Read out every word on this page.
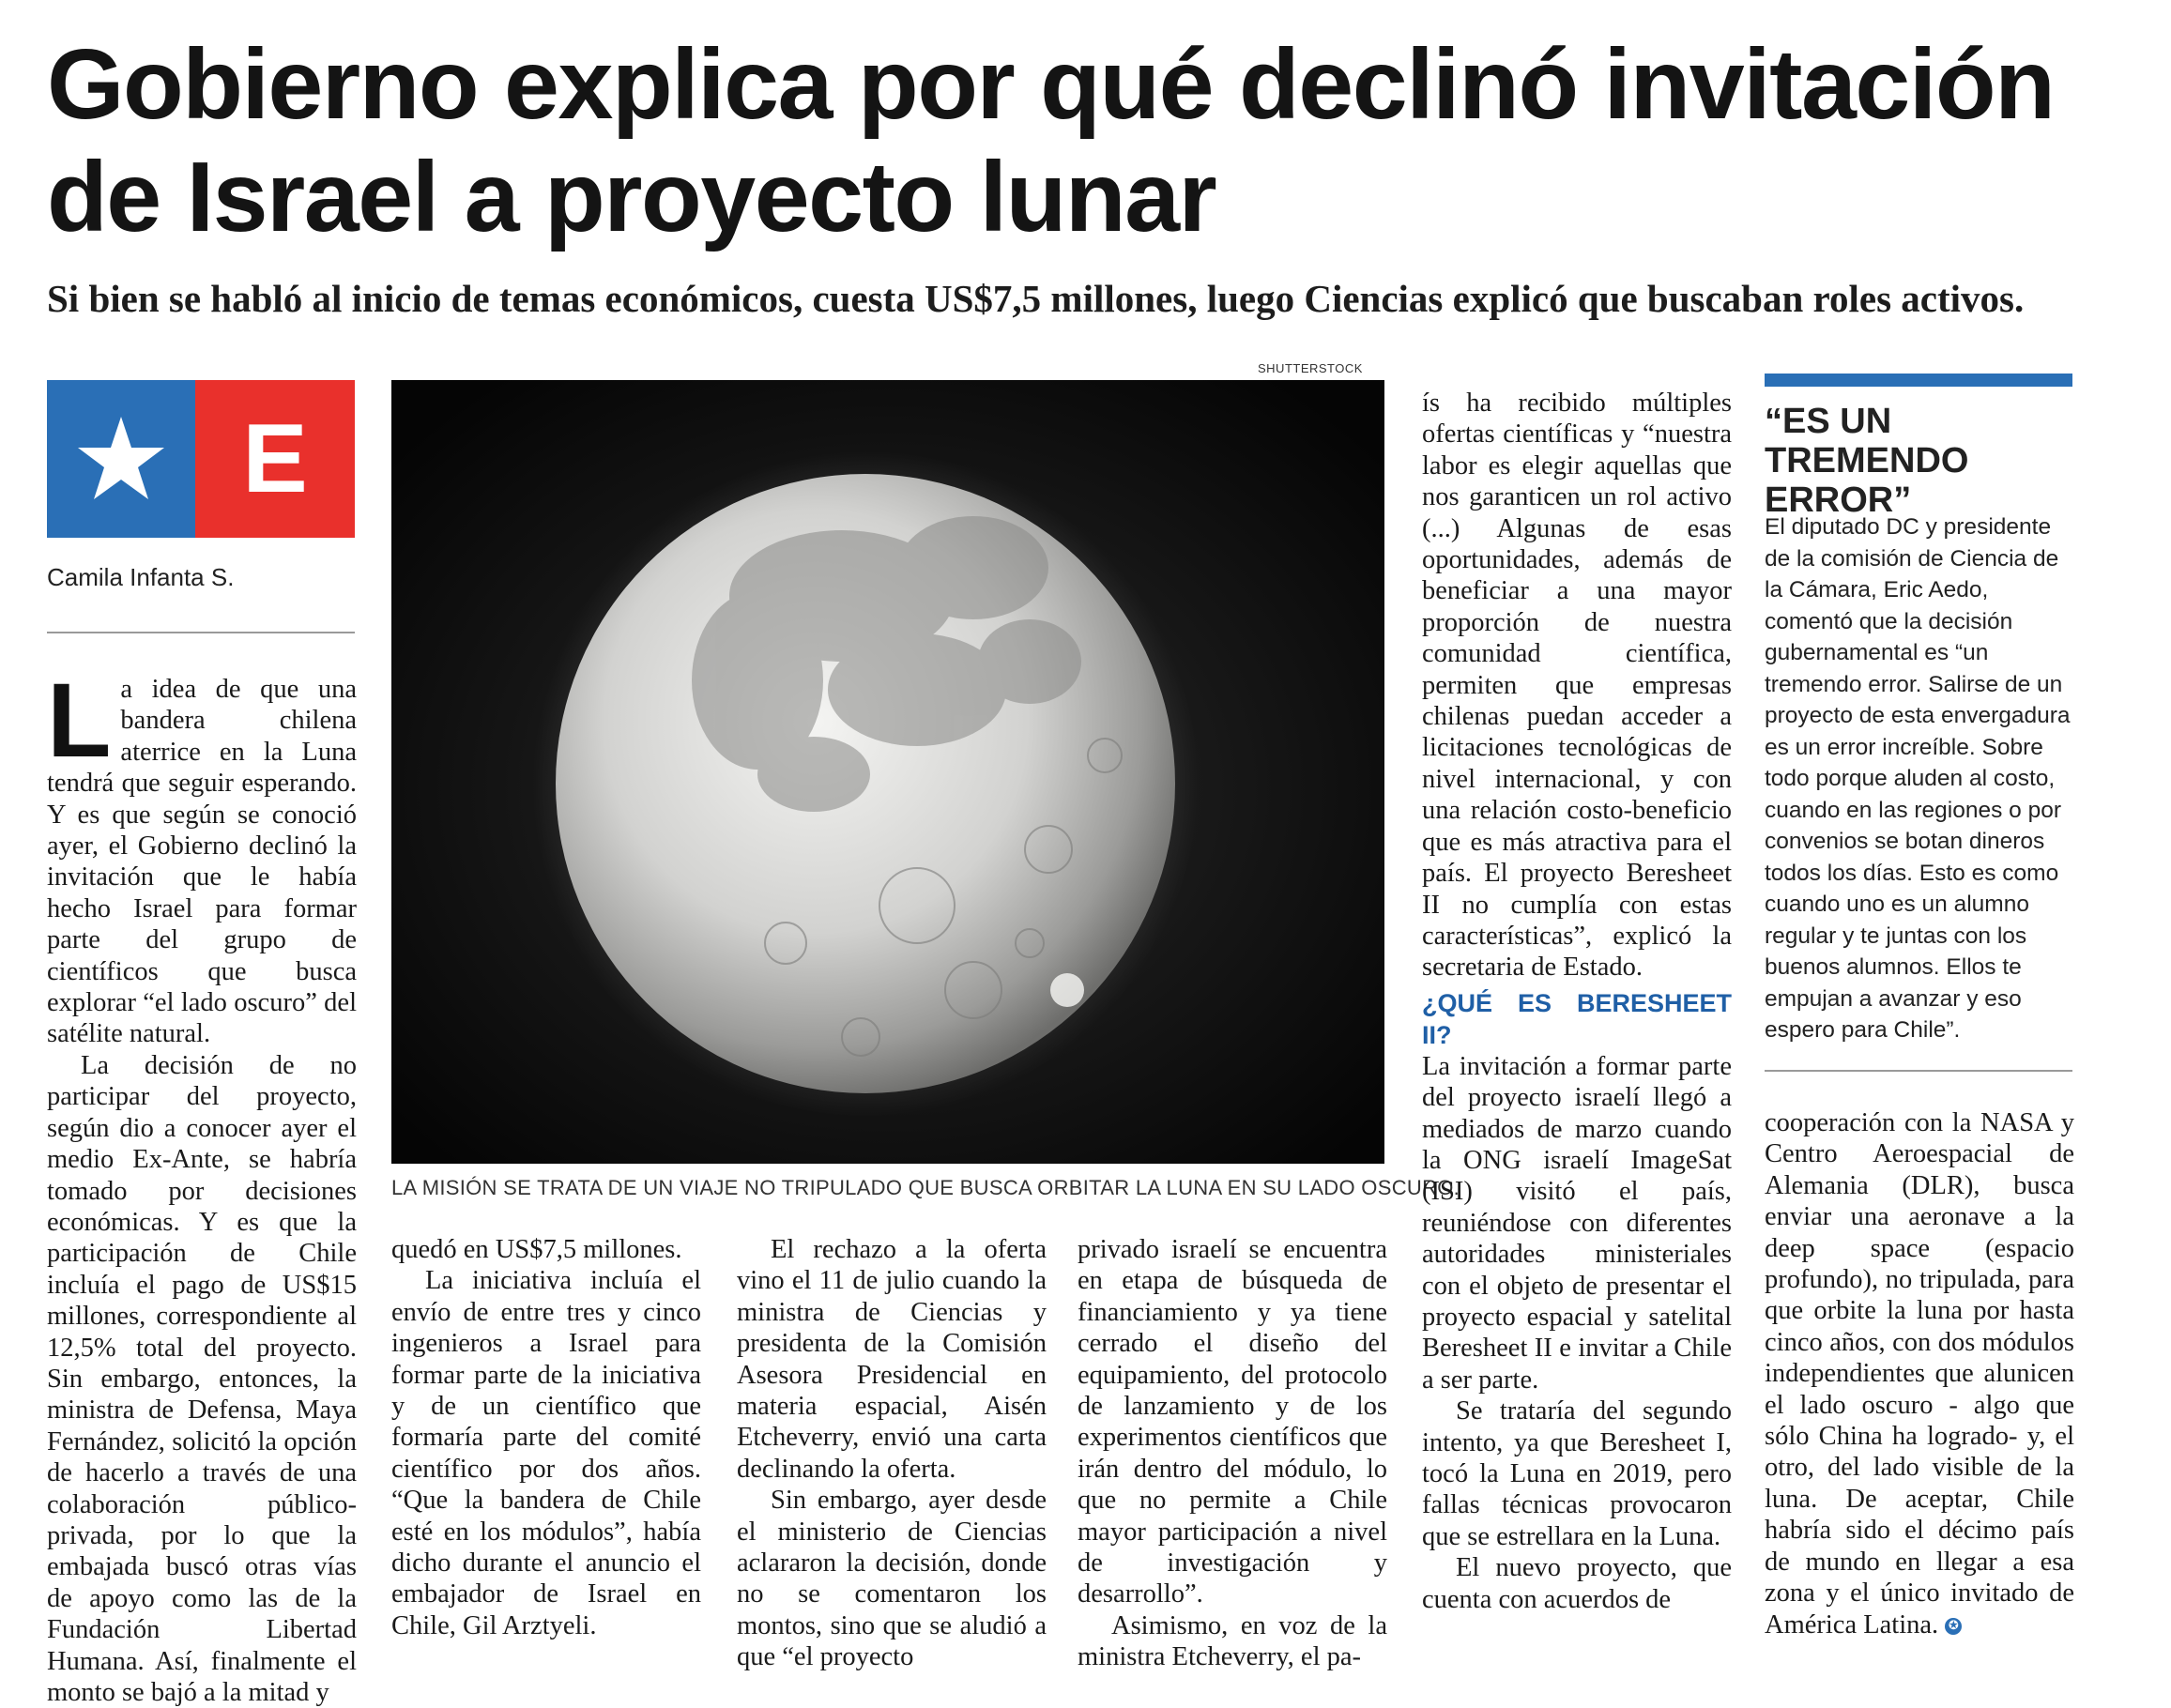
Gobierno explica por qué declinó invitación de Israel a proyecto lunar

Si bien se habló al inicio de temas económicos, cuesta US$7,5 millones, luego Ciencias explicó que buscaban roles activos.

E
Camila Infanta S.

La idea de que una bandera chilena aterrice en la Luna tendrá que seguir esperando. Y es que según se conoció ayer, el Gobierno declinó la invitación que le había hecho Israel para formar parte del grupo de científicos que busca explorar “el lado oscuro” del satélite natural.

La decisión de no participar del proyecto, según dio a conocer ayer el medio Ex-Ante, se habría tomado por decisiones económicas. Y es que la participación de Chile incluía el pago de US$15 millones, correspondiente al 12,5% total del proyecto. Sin embargo, entonces, la ministra de Defensa, Maya Fernández, solicitó la opción de hacerlo a través de una colaboración público-privada, por lo que la embajada buscó otras vías de apoyo como las de la Fundación Libertad Humana. Así, finalmente el monto se bajó a la mitad y

SHUTTERSTOCK
LA MISIÓN SE TRATA DE UN VIAJE NO TRIPULADO QUE BUSCA ORBITAR LA LUNA EN SU LADO OSCURO.

quedó en US$7,5 millones.

La iniciativa incluía el envío de entre tres y cinco ingenieros a Israel para formar parte de la iniciativa y de un científico que formaría parte del comité científico por dos años. “Que la bandera de Chile esté en los módulos”, había dicho durante el anuncio el embajador de Israel en Chile, Gil Arztyeli.

El rechazo a la oferta vino el 11 de julio cuando la ministra de Ciencias y presidenta de la Comisión Asesora Presidencial en materia espacial, Aisén Etcheverry, envió una carta declinando la oferta.

Sin embargo, ayer desde el ministerio de Ciencias aclararon la decisión, donde no se comentaron los montos, sino que se aludió a que “el proyecto

privado israelí se encuentra en etapa de búsqueda de financiamiento y ya tiene cerrado el diseño del equipamiento, del protocolo de lanzamiento y de los experimentos científicos que irán dentro del módulo, lo que no permite a Chile mayor participación a nivel de investigación y desarrollo”.

Asimismo, en voz de la ministra Etcheverry, el pa-

ís ha recibido múltiples ofertas científicas y “nuestra labor es elegir aquellas que nos garanticen un rol activo (...) Algunas de esas oportunidades, además de beneficiar a una mayor proporción de nuestra comunidad científica, permiten que empresas chilenas puedan acceder a licitaciones tecnológicas de nivel internacional, y con una relación costo-beneficio que es más atractiva para el país. El proyecto Beresheet II no cumplía con estas características”, explicó la secretaria de Estado.

¿QUÉ ES BERESHEET II?

La invitación a formar parte del proyecto israelí llegó a mediados de marzo cuando la ONG israelí ImageSat (ISI) visitó el país, reuniéndose con diferentes autoridades ministeriales con el objeto de presentar el proyecto espacial y satelital Beresheet II e invitar a Chile a ser parte.

Se trataría del segundo intento, ya que Beresheet I, tocó la Luna en 2019, pero fallas técnicas provocaron que se estrellara en la Luna.

El nuevo proyecto, que cuenta con acuerdos de

“ES UN TREMENDO ERROR”
El diputado DC y presidente de la comisión de Ciencia de la Cámara, Eric Aedo, comentó que la decisión gubernamental es “un tremendo error. Salirse de un proyecto de esta envergadura es un error increíble. Sobre todo porque aluden al costo, cuando en las regiones o por convenios se botan dineros todos los días. Esto es como cuando uno es un alumno regular y te juntas con los buenos alumnos. Ellos te empujan a avanzar y eso espero para Chile”.

cooperación con la NASA y Centro Aeroespacial de Alemania (DLR), busca enviar una aeronave a la deep space (espacio profundo), no tripulada, para que orbite la luna por hasta cinco años, con dos módulos independientes que alunicen el lado oscuro - algo que sólo China ha logrado- y, el otro, del lado visible de la luna. De aceptar, Chile habría sido el décimo país de mundo en llegar a esa zona y el único invitado de América Latina. ✪
